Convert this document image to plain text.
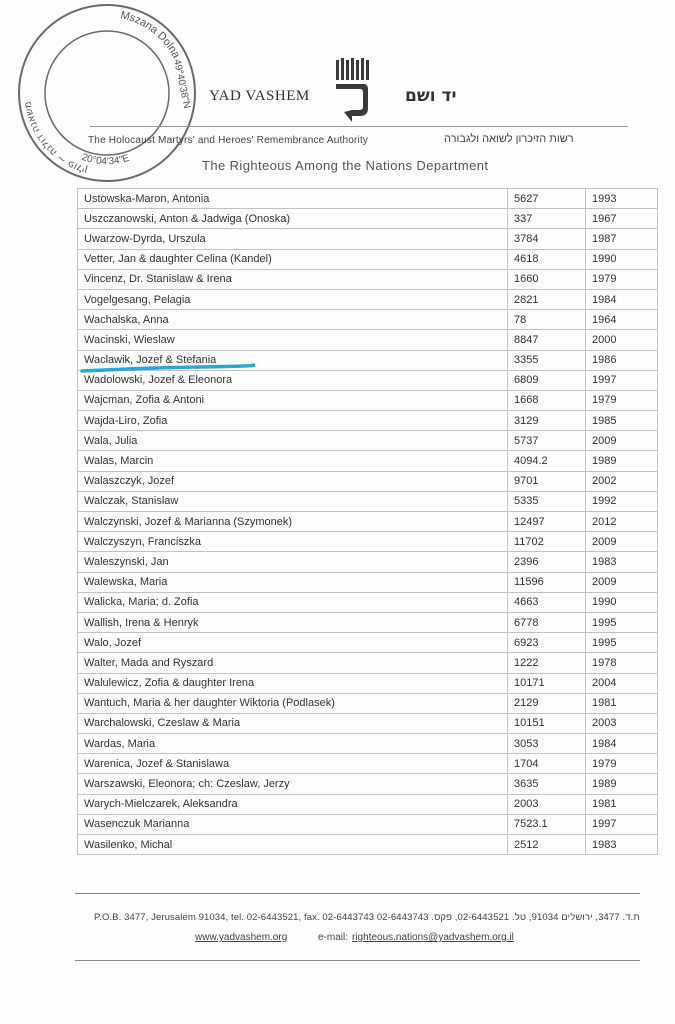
Mszana Dolna
משאנה דולנה ~ פולין
20°04'34"E
49°40'38"N YAD VASHEM	יד ושם
The Holocaust Martyrs' and Heroes' Remembrance Authority	רשות הזיכרון לשואה ולגבורה
The Righteous Among the Nations Department
Ustowska-Maron, Antonia	5627	1993
Uszczanowski, Anton & Jadwiga (Onoska)	337	1967
Uwarzow-Dyrda, Urszula	3784	1987
Vetter, Jan & daughter Celina (Kandel)	4618	1990
Vincenz, Dr. Stanislaw & Irena	1660	1979
Vogelgesang, Pelagia	2821	1984
Wachalska, Anna	78	1964
Wacinski, Wieslaw	8847	2000
Waclawik, Jozef & Stefania	3355	1986
Wadolowski, Jozef & Eleonora	6809	1997
Wajcman, Zofia & Antoni	1668	1979
Wajda-Liro, Zofia	3129	1985
Wala, Julia	5737	2009
Walas, Marcin	4094.2	1989
Walaszczyk, Jozef	9701	2002
Walczak, Stanislaw	5335	1992
Walczynski, Jozef & Marianna (Szymonek)	12497	2012
Walczyszyn, Franciszka	11702	2009
Waleszynski, Jan	2396	1983
Walewska, Maria	11596	2009
Walicka, Maria; d. Zofia	4663	1990
Wallish, Irena & Henryk	6778	1995
Walo, Jozef	6923	1995
Walter, Mada and Ryszard	1222	1978
Walulewicz, Zofia & daughter Irena	10171	2004
Wantuch, Maria & her daughter Wiktoria (Podlasek)	2129	1981
Warchalowski, Czeslaw & Maria	10151	2003
Wardas, Maria	3053	1984
Warenica, Jozef & Stanislawa	1704	1979
Warszawski, Eleonora; ch: Czeslaw, Jerzy	3635	1989
Warych-Mielczarek, Aleksandra	2003	1981
Wasenczuk Marianna	7523.1	1997
Wasilenko, Michal	2512	1983
P.O.B. 3477, Jerusalem 91034, tel. 02-6443521, fax. 02-6443743 ת.ד. 3477, ירושלים 91034, טל. 02-6443521, פקס. 02-6443743
www.yadvashem.org	e-mail: righteous.nations@yadvashem.org.il
